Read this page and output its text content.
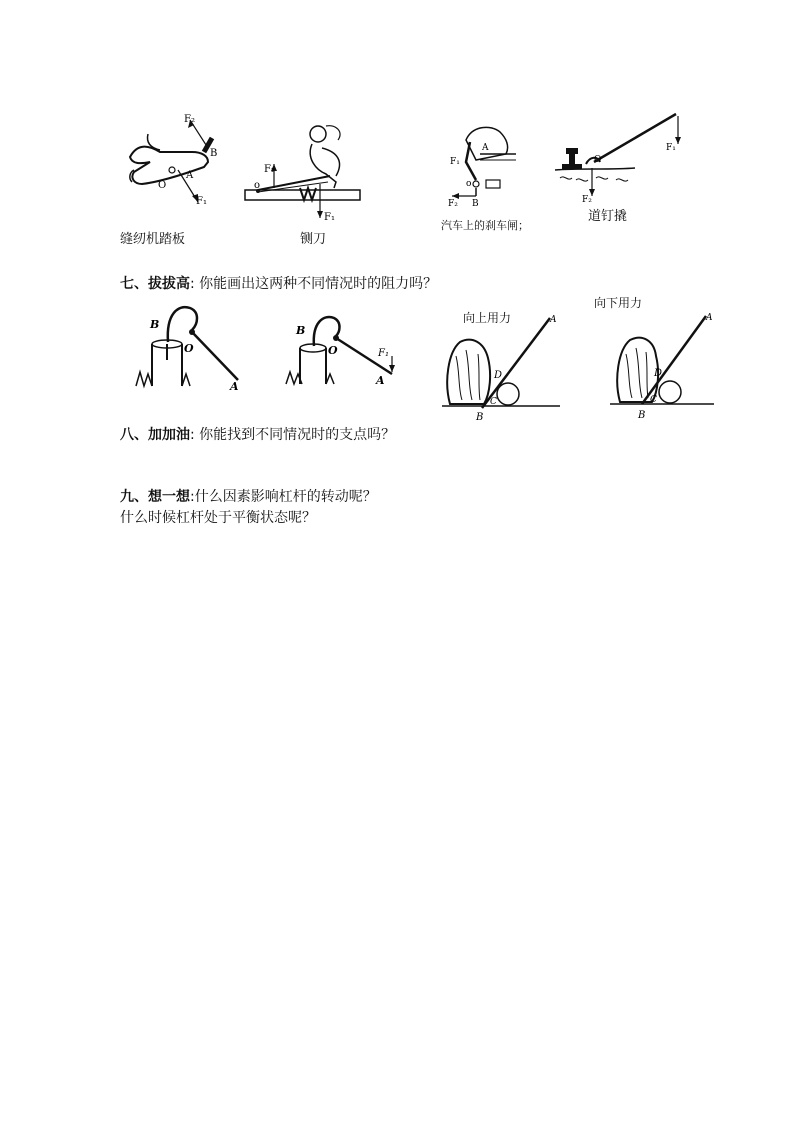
F₂
B
A
O
F₁
缝纫机踏板
F₂
o
F₁
铡刀
F₁
A
o
B
F₂
汽车上的刹车闸；
O
F₁
F₂
道钉撬
七、拔拔高: 你能画出这两种不同情况时的阻力吗？
向下用力
向上用力
B
O
A
B
O	F₁
A
A
D
C
B
A
D
C
B
八、加加油: 你能找到不同情况时的支点吗？
九、想一想:什么因素影响杠杆的转动呢？
什么时候杠杆处于平衡状态呢？
